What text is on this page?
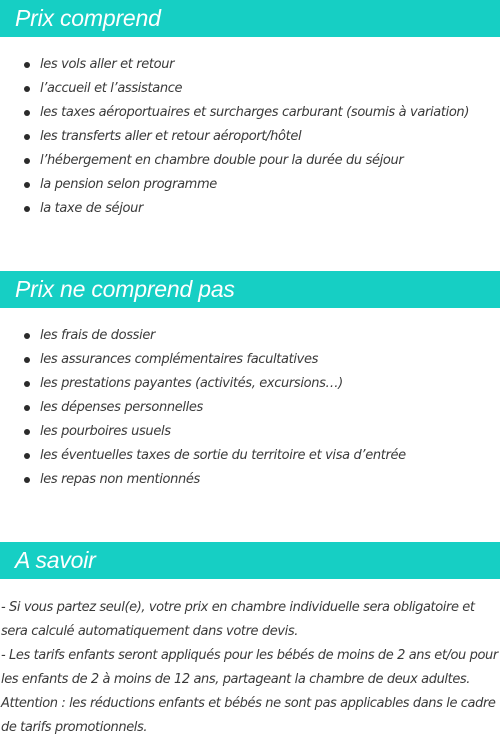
Prix comprend
les vols aller et retour
l’accueil et l’assistance
les taxes aéroportuaires et surcharges carburant (soumis à variation)
les transferts aller et retour aéroport/hôtel
l’hébergement en chambre double pour la durée du séjour
la pension selon programme
la taxe de séjour
Prix ne comprend pas
les frais de dossier
les assurances complémentaires facultatives
les prestations payantes (activités, excursions…)
les dépenses personnelles
les pourboires usuels
les éventuelles taxes de sortie du territoire et visa d’entrée
les repas non mentionnés
A savoir

- Si vous partez seul(e), votre prix en chambre individuelle sera obligatoire et

sera calculé automatiquement dans votre devis.

- Les tarifs enfants seront appliqués pour les bébés de moins de 2 ans et/ou pour

les enfants de 2 à moins de 12 ans, partageant la chambre de deux adultes.

Attention : les réductions enfants et bébés ne sont pas applicables dans le cadre

de tarifs promotionnels.
